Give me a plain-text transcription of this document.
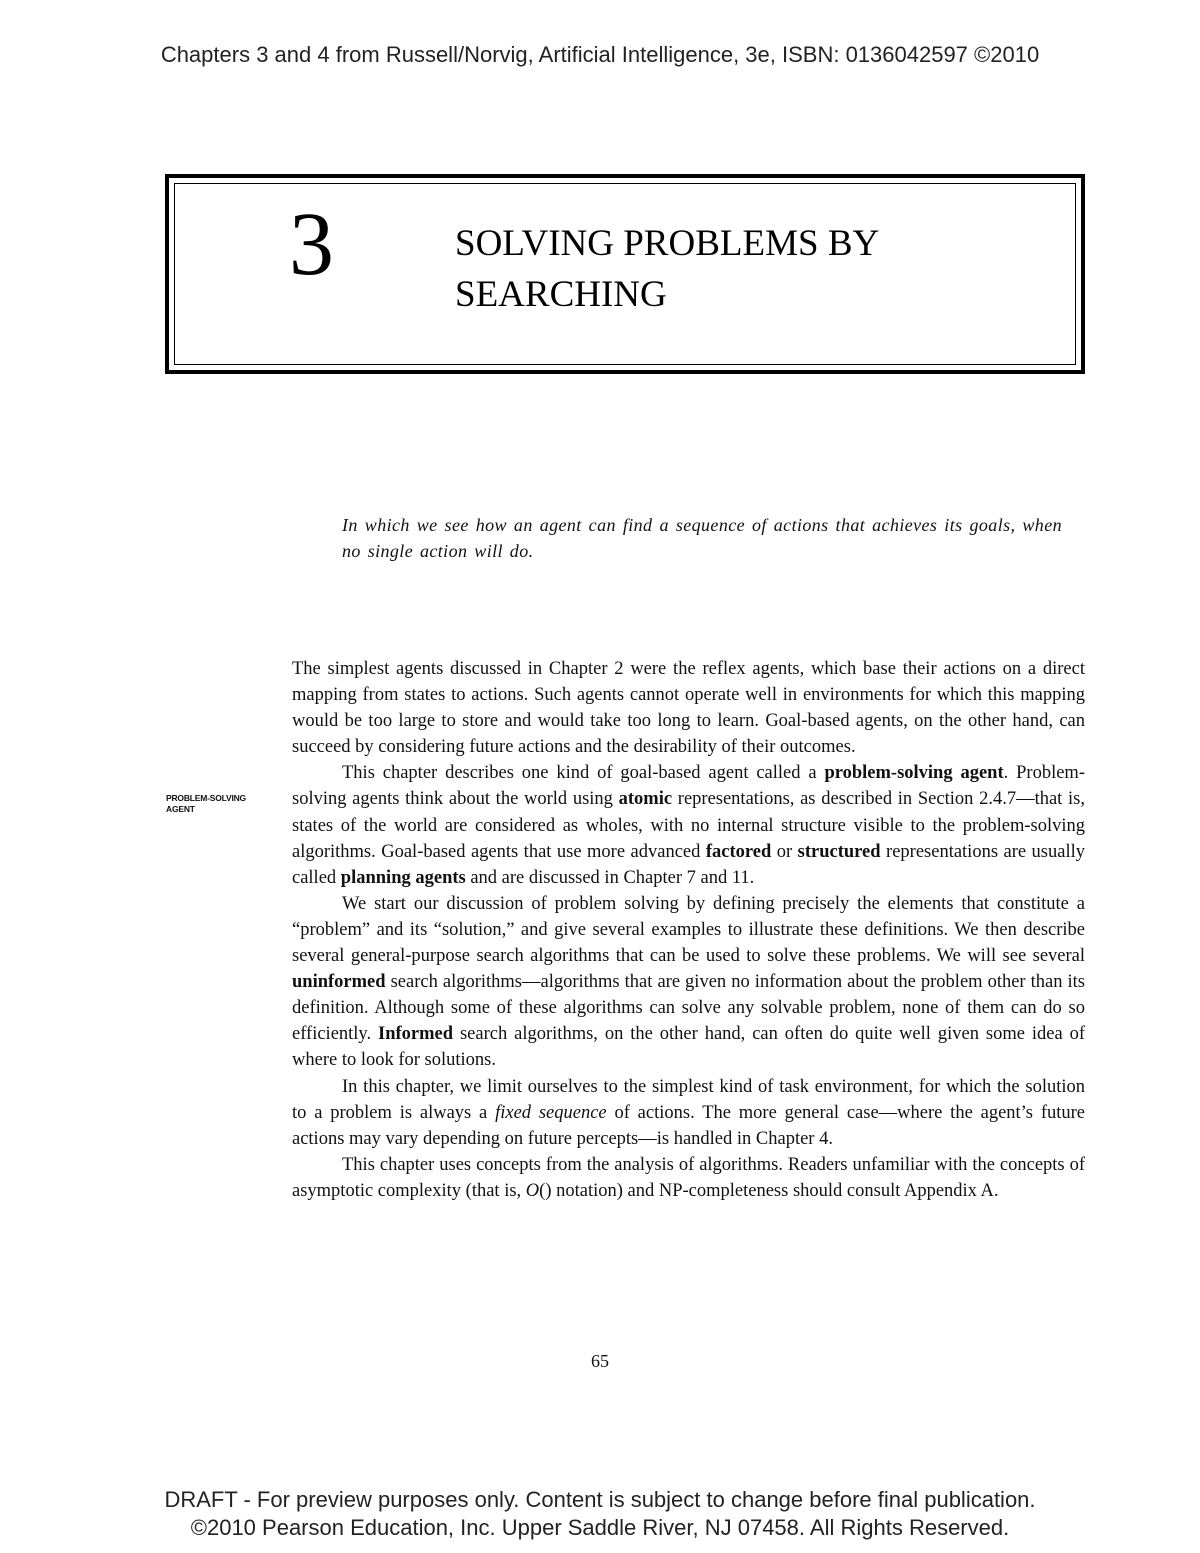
Chapters 3 and 4 from Russell/Norvig, Artificial Intelligence, 3e, ISBN: 0136042597 ©2010
3	SOLVING PROBLEMS BY
SEARCHING
In which we see how an agent can find a sequence of actions that achieves its goals, when no single action will do.
PROBLEM-SOLVING
AGENT

The simplest agents discussed in Chapter 2 were the reflex agents, which base their actions on a direct mapping from states to actions. Such agents cannot operate well in environments for which this mapping would be too large to store and would take too long to learn. Goal-based agents, on the other hand, can succeed by considering future actions and the desirability of their outcomes.

This chapter describes one kind of goal-based agent called a problem-solving agent. Problem-solving agents think about the world using atomic representations, as described in Section 2.4.7—that is, states of the world are considered as wholes, with no internal structure visible to the problem-solving algorithms. Goal-based agents that use more advanced factored or structured representations are usually called planning agents and are discussed in Chapter 7 and 11.

We start our discussion of problem solving by defining precisely the elements that constitute a “problem” and its “solution,” and give several examples to illustrate these definitions. We then describe several general-purpose search algorithms that can be used to solve these problems. We will see several uninformed search algorithms—algorithms that are given no information about the problem other than its definition. Although some of these algorithms can solve any solvable problem, none of them can do so efficiently. Informed search algorithms, on the other hand, can often do quite well given some idea of where to look for solutions.

In this chapter, we limit ourselves to the simplest kind of task environment, for which the solution to a problem is always a fixed sequence of actions. The more general case—where the agent’s future actions may vary depending on future percepts—is handled in Chapter 4.

This chapter uses concepts from the analysis of algorithms. Readers unfamiliar with the concepts of asymptotic complexity (that is, O() notation) and NP-completeness should consult Appendix A.

65
DRAFT - For preview purposes only. Content is subject to change before final publication.
©2010 Pearson Education, Inc. Upper Saddle River, NJ 07458. All Rights Reserved.
